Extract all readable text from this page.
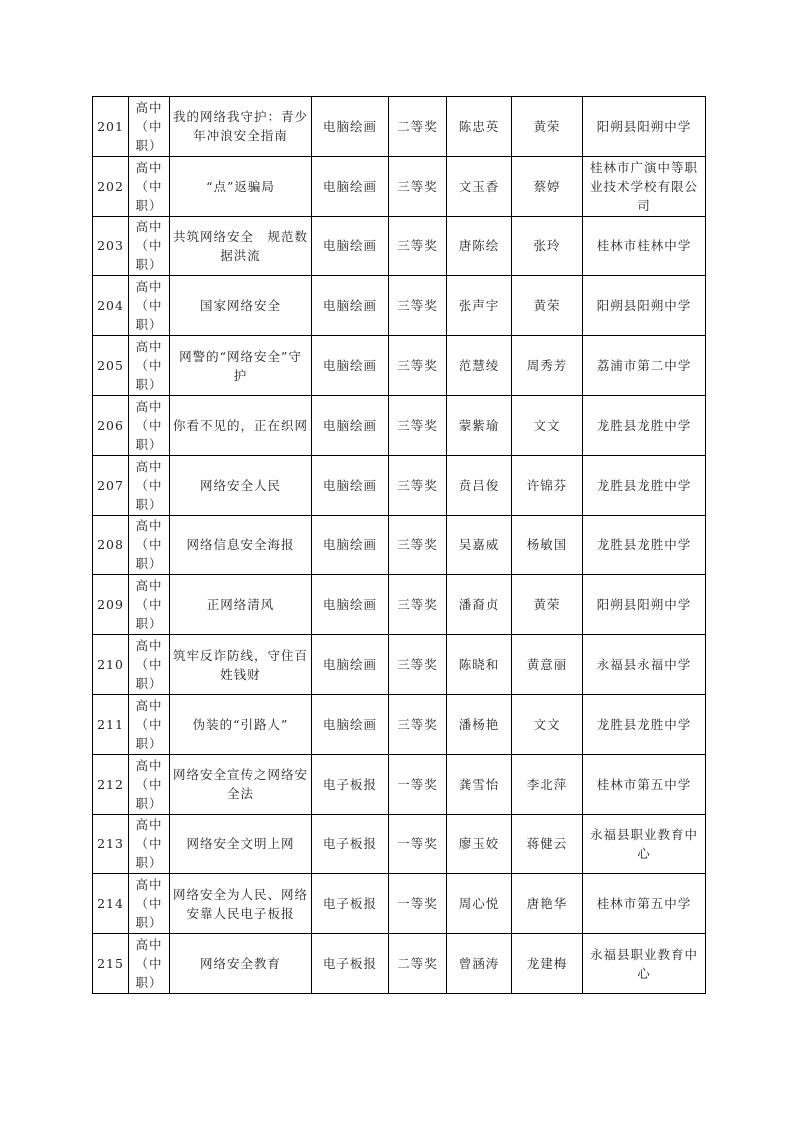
201	高中（中职）	我的网络我守护：青少年冲浪安全指南	电脑绘画	二等奖	陈忠英	黄荣	阳朔县阳朔中学
202	高中（中职）	“点”返骗局	电脑绘画	三等奖	文玉香	蔡婷	桂林市广演中等职业技术学校有限公司
203	高中（中职）	共筑网络安全　规范数据洪流	电脑绘画	三等奖	唐陈绘	张玲	桂林市桂林中学
204	高中（中职）	国家网络安全	电脑绘画	三等奖	张声宇	黄荣	阳朔县阳朔中学
205	高中（中职）	网警的“网络安全”守护	电脑绘画	三等奖	范慧绫	周秀芳	荔浦市第二中学
206	高中（中职）	你看不见的，正在织网	电脑绘画	三等奖	蒙紫瑜	文文	龙胜县龙胜中学
207	高中（中职）	网络安全人民	电脑绘画	三等奖	贲吕俊	许锦芬	龙胜县龙胜中学
208	高中（中职）	网络信息安全海报	电脑绘画	三等奖	吴嘉威	杨敏国	龙胜县龙胜中学
209	高中（中职）	正网络清风	电脑绘画	三等奖	潘裔贞	黄荣	阳朔县阳朔中学
210	高中（中职）	筑牢反诈防线，守住百姓钱财	电脑绘画	三等奖	陈晓和	黄意丽	永福县永福中学
211	高中（中职）	伪装的“引路人”	电脑绘画	三等奖	潘杨艳	文文	龙胜县龙胜中学
212	高中（中职）	网络安全宣传之网络安全法	电子板报	一等奖	龚雪怡	李北萍	桂林市第五中学
213	高中（中职）	网络安全文明上网	电子板报	一等奖	廖玉姣	蒋健云	永福县职业教育中心
214	高中（中职）	网络安全为人民、网络安靠人民电子板报	电子板报	一等奖	周心悦	唐艳华	桂林市第五中学
215	高中（中职）	网络安全教育	电子板报	二等奖	曾涵涛	龙建梅	永福县职业教育中心
